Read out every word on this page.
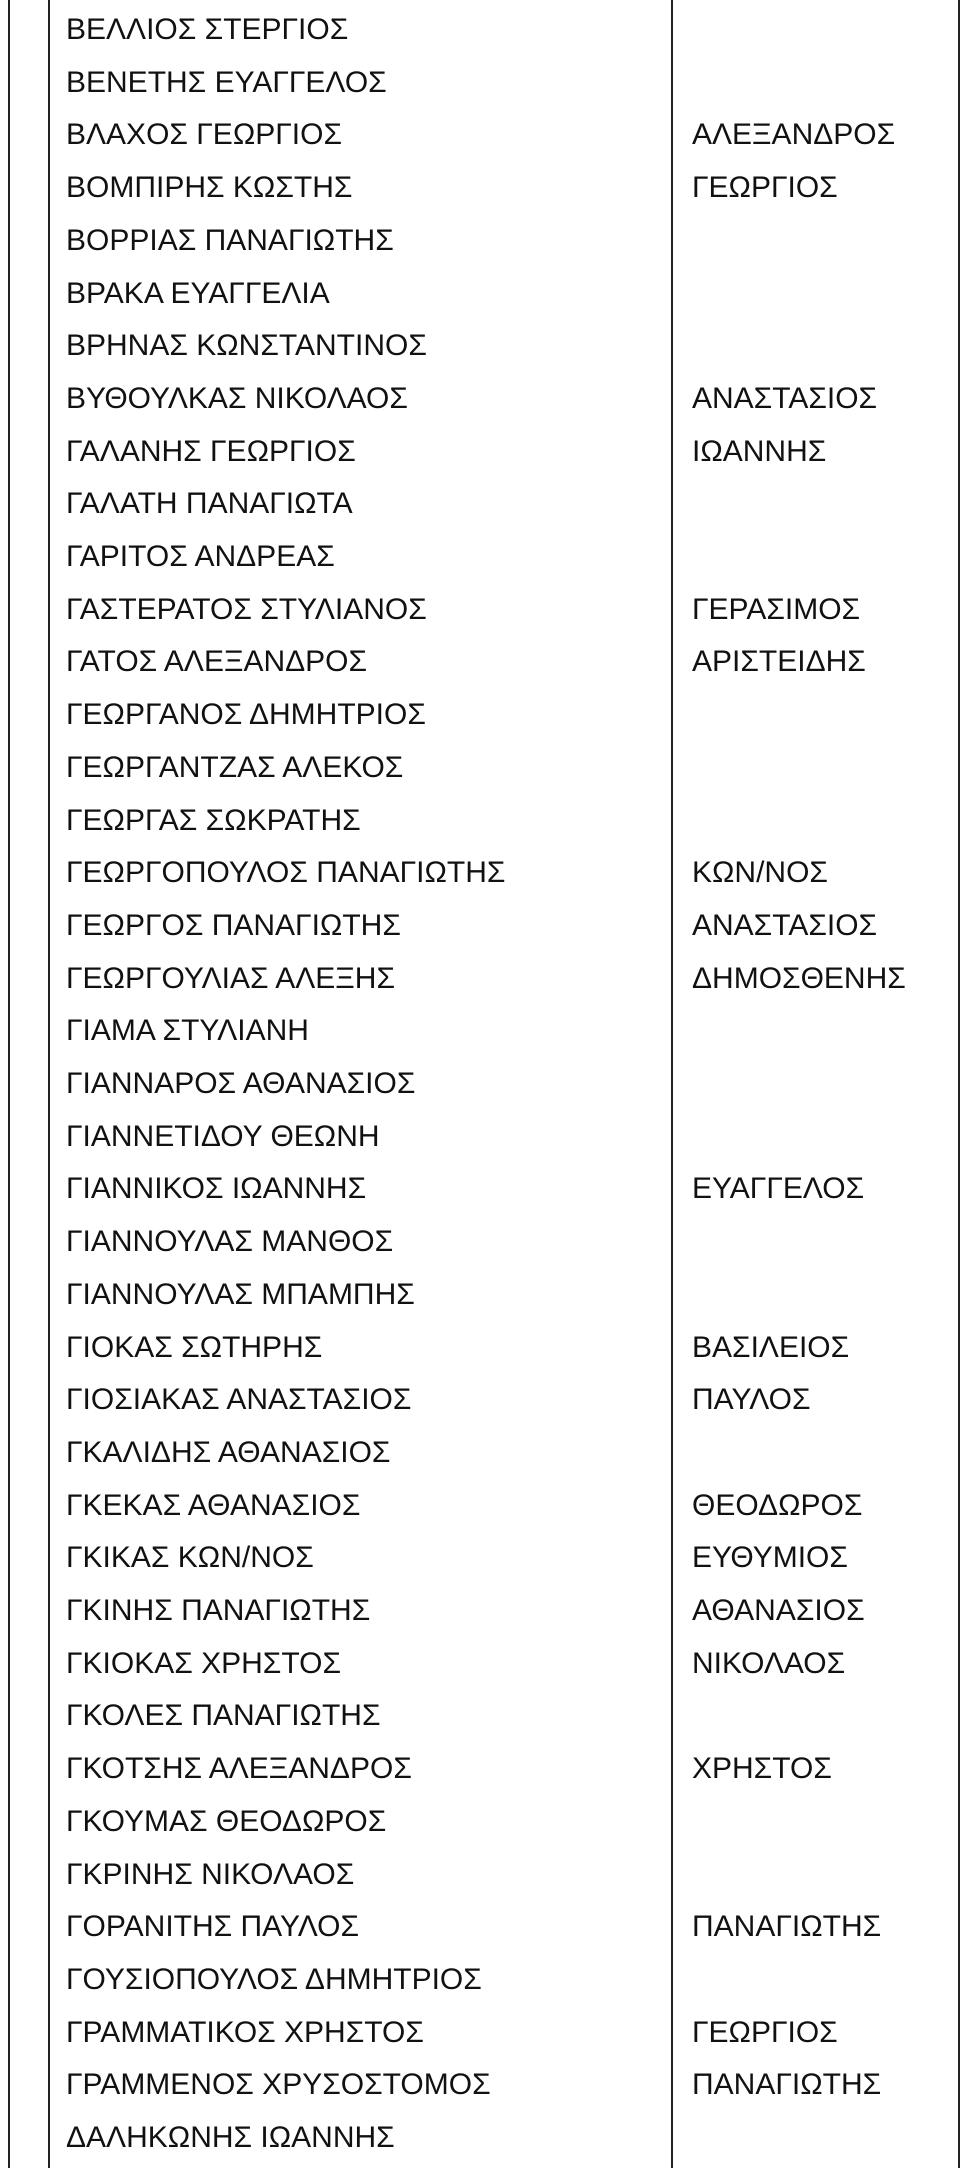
ΒΕΛΛΙΟΣ ΣΤΕΡΓΙΟΣ
ΒΕΝΕΤΗΣ ΕΥΑΓΓΕΛΟΣ
ΒΛΑΧΟΣ ΓΕΩΡΓΙΟΣ	ΑΛΕΞΑΝΔΡΟΣ
ΒΟΜΠΙΡΗΣ ΚΩΣΤΗΣ	ΓΕΩΡΓΙΟΣ
ΒΟΡΡΙΑΣ ΠΑΝΑΓΙΩΤΗΣ
ΒΡΑΚΑ ΕΥΑΓΓΕΛΙΑ
ΒΡΗΝΑΣ ΚΩΝΣΤΑΝΤΙΝΟΣ
ΒΥΘΟΥΛΚΑΣ ΝΙΚΟΛΑΟΣ	ΑΝΑΣΤΑΣΙΟΣ
ΓΑΛΑΝΗΣ ΓΕΩΡΓΙΟΣ	ΙΩΑΝΝΗΣ
ΓΑΛΑΤΗ ΠΑΝΑΓΙΩΤΑ
ΓΑΡΙΤΟΣ ΑΝΔΡΕΑΣ
ΓΑΣΤΕΡΑΤΟΣ ΣΤΥΛΙΑΝΟΣ	ΓΕΡΑΣΙΜΟΣ
ΓΑΤΟΣ ΑΛΕΞΑΝΔΡΟΣ	ΑΡΙΣΤΕΙΔΗΣ
ΓΕΩΡΓΑΝΟΣ ΔΗΜΗΤΡΙΟΣ
ΓΕΩΡΓΑΝΤΖΑΣ ΑΛΕΚΟΣ
ΓΕΩΡΓΑΣ ΣΩΚΡΑΤΗΣ
ΓΕΩΡΓΟΠΟΥΛΟΣ ΠΑΝΑΓΙΩΤΗΣ	ΚΩΝ/ΝΟΣ
ΓΕΩΡΓΟΣ ΠΑΝΑΓΙΩΤΗΣ	ΑΝΑΣΤΑΣΙΟΣ
ΓΕΩΡΓΟΥΛΙΑΣ ΑΛΕΞΗΣ	ΔΗΜΟΣΘΕΝΗΣ
ΓΙΑΜΑ ΣΤΥΛΙΑΝΗ
ΓΙΑΝΝΑΡΟΣ ΑΘΑΝΑΣΙΟΣ
ΓΙΑΝΝΕΤΙΔΟΥ ΘΕΩΝΗ
ΓΙΑΝΝΙΚΟΣ ΙΩΑΝΝΗΣ	ΕΥΑΓΓΕΛΟΣ
ΓΙΑΝΝΟΥΛΑΣ ΜΑΝΘΟΣ
ΓΙΑΝΝΟΥΛΑΣ ΜΠΑΜΠΗΣ
ΓΙΟΚΑΣ ΣΩΤΗΡΗΣ	ΒΑΣΙΛΕΙΟΣ
ΓΙΟΣΙΑΚΑΣ ΑΝΑΣΤΑΣΙΟΣ	ΠΑΥΛΟΣ
ΓΚΑΛΙΔΗΣ ΑΘΑΝΑΣΙΟΣ
ΓΚΕΚΑΣ ΑΘΑΝΑΣΙΟΣ	ΘΕΟΔΩΡΟΣ
ΓΚΙΚΑΣ ΚΩΝ/ΝΟΣ	ΕΥΘΥΜΙΟΣ
ΓΚΙΝΗΣ ΠΑΝΑΓΙΩΤΗΣ	ΑΘΑΝΑΣΙΟΣ
ΓΚΙΟΚΑΣ ΧΡΗΣΤΟΣ	ΝΙΚΟΛΑΟΣ
ΓΚΟΛΕΣ ΠΑΝΑΓΙΩΤΗΣ
ΓΚΟΤΣΗΣ ΑΛΕΞΑΝΔΡΟΣ	ΧΡΗΣΤΟΣ
ΓΚΟΥΜΑΣ ΘΕΟΔΩΡΟΣ
ΓΚΡΙΝΗΣ ΝΙΚΟΛΑΟΣ
ΓΟΡΑΝΙΤΗΣ ΠΑΥΛΟΣ	ΠΑΝΑΓΙΩΤΗΣ
ΓΟΥΣΙΟΠΟΥΛΟΣ ΔΗΜΗΤΡΙΟΣ
ΓΡΑΜΜΑΤΙΚΟΣ ΧΡΗΣΤΟΣ	ΓΕΩΡΓΙΟΣ
ΓΡΑΜΜΕΝΟΣ ΧΡΥΣΟΣΤΟΜΟΣ	ΠΑΝΑΓΙΩΤΗΣ
ΔΑΛΗΚΩΝΗΣ ΙΩΑΝΝΗΣ
